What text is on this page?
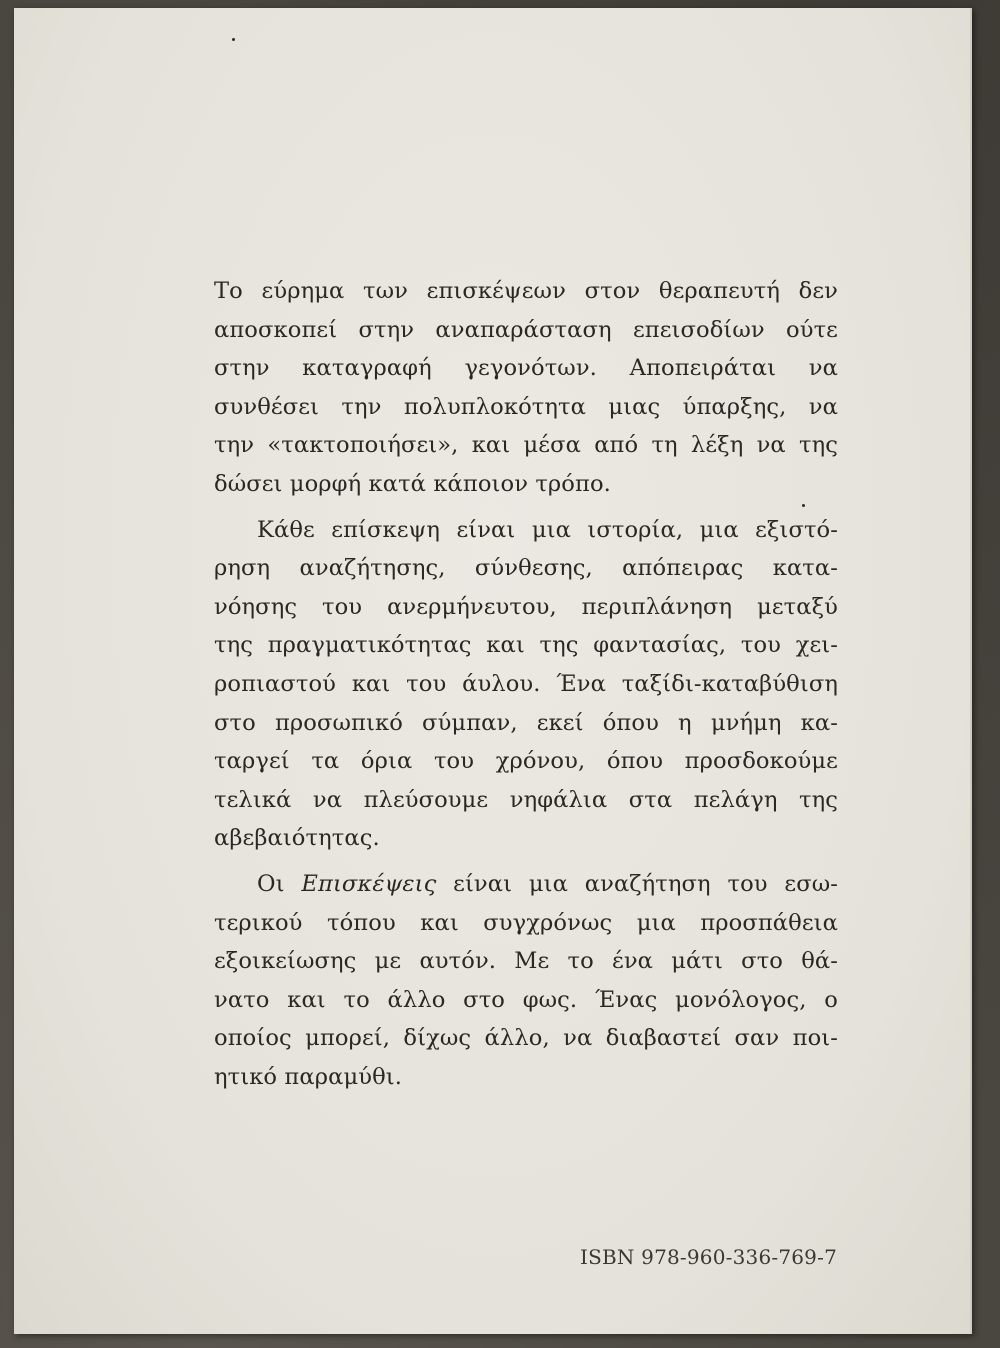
Το εύρημα των επισκέψεων στον θεραπευτή δεν
αποσκοπεί στην αναπαράσταση επεισοδίων ούτε
στην καταγραφή γεγονότων. Αποπειράται να
συνθέσει την πολυπλοκότητα μιας ύπαρξης, να
την «τακτοποιήσει», και μέσα από τη λέξη να της
δώσει μορφή κατά κάποιον τρόπο.
Κάθε επίσκεψη είναι μια ιστορία, μια εξιστό-
ρηση αναζήτησης, σύνθεσης, απόπειρας κατα-
νόησης του ανερμήνευτου, περιπλάνηση μεταξύ
της πραγματικότητας και της φαντασίας, του χει-
ροπιαστού και του άυλου. Ένα ταξίδι-καταβύθιση
στο προσωπικό σύμπαν, εκεί όπου η μνήμη κα-
ταργεί τα όρια του χρόνου, όπου προσδοκούμε
τελικά να πλεύσουμε νηφάλια στα πελάγη της
αβεβαιότητας.
Οι Επισκέψεις είναι μια αναζήτηση του εσω-
τερικού τόπου και συγχρόνως μια προσπάθεια
εξοικείωσης με αυτόν. Με το ένα μάτι στο θά-
νατο και το άλλο στο φως. Ένας μονόλογος, ο
οποίος μπορεί, δίχως άλλο, να διαβαστεί σαν ποι-
ητικό παραμύθι.
ISBN 978-960-336-769-7
